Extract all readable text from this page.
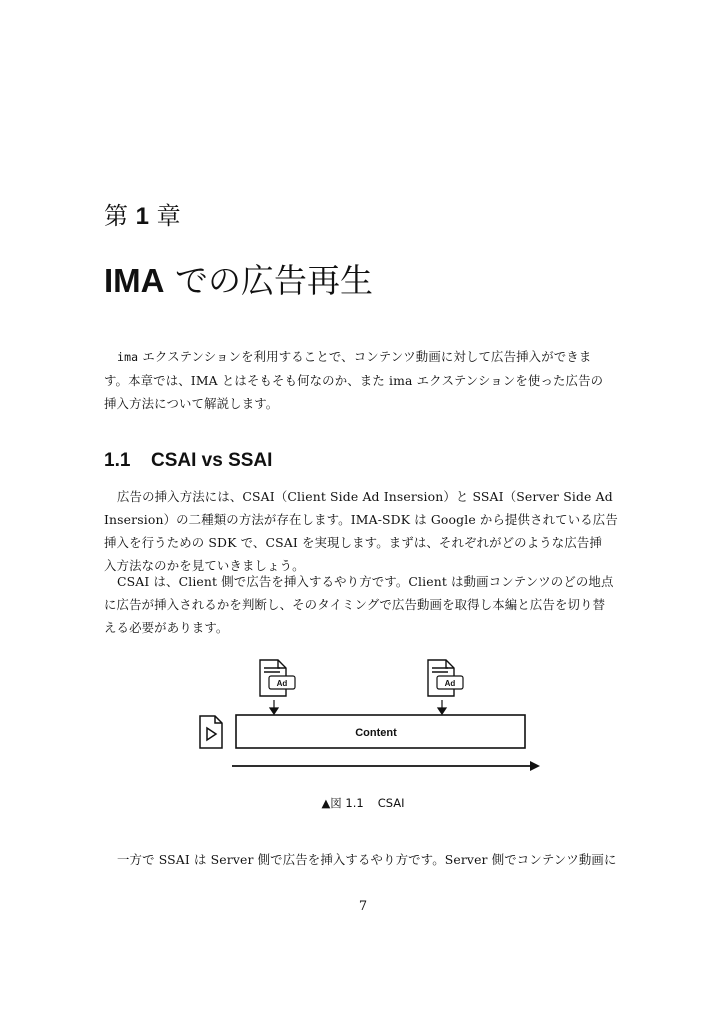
第 1 章
IMA での広告再生
ima エクステンションを利用することで、コンテンツ動画に対して広告挿入ができま
す。本章では、IMA とはそもそも何なのか、また ima エクステンションを使った広告の
挿入方法について解説します。
1.1 CSAI vs SSAI
広告の挿入方法には、CSAI（Client Side Ad Insersion）と SSAI（Server Side Ad
Insersion）の二種類の方法が存在します。IMA-SDK は Google から提供されている広告
挿入を行うための SDK で、CSAI を実現します。まずは、それぞれがどのような広告挿
入方法なのかを見ていきましょう。
CSAI は、Client 側で広告を挿入するやり方です。Client は動画コンテンツのどの地点
に広告が挿入されるかを判断し、そのタイミングで広告動画を取得し本編と広告を切り替
える必要があります。
Ad	Ad
Content
▲図 1.1 CSAI
一方で SSAI は Server 側で広告を挿入するやり方です。Server 側でコンテンツ動画に
7
